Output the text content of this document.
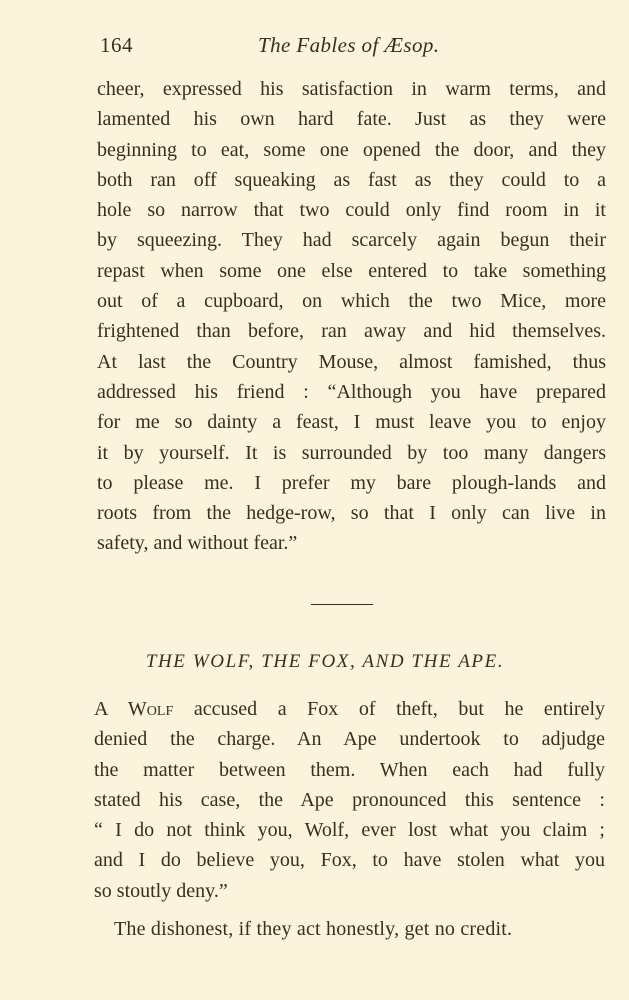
164	The Fables of Æsop.
cheer, expressed his satisfaction in warm terms, and
lamented his own hard fate. Just as they were
beginning to eat, some one opened the door, and they
both ran off squeaking as fast as they could to a
hole so narrow that two could only find room in it
by squeezing. They had scarcely again begun their
repast when some one else entered to take something
out of a cupboard, on which the two Mice, more
frightened than before, ran away and hid themselves.
At last the Country Mouse, almost famished, thus
addressed his friend : “Although you have prepared
for me so dainty a feast, I must leave you to enjoy
it by yourself. It is surrounded by too many dangers
to please me. I prefer my bare plough-lands and
roots from the hedge-row, so that I only can live in
safety, and without fear.”
THE WOLF, THE FOX, AND THE APE.
A Wolf accused a Fox of theft, but he entirely
denied the charge. An Ape undertook to adjudge
the matter between them. When each had fully
stated his case, the Ape pronounced this sentence :
“ I do not think you, Wolf, ever lost what you claim ;
and I do believe you, Fox, to have stolen what you
so stoutly deny.”
The dishonest, if they act honestly, get no credit.
